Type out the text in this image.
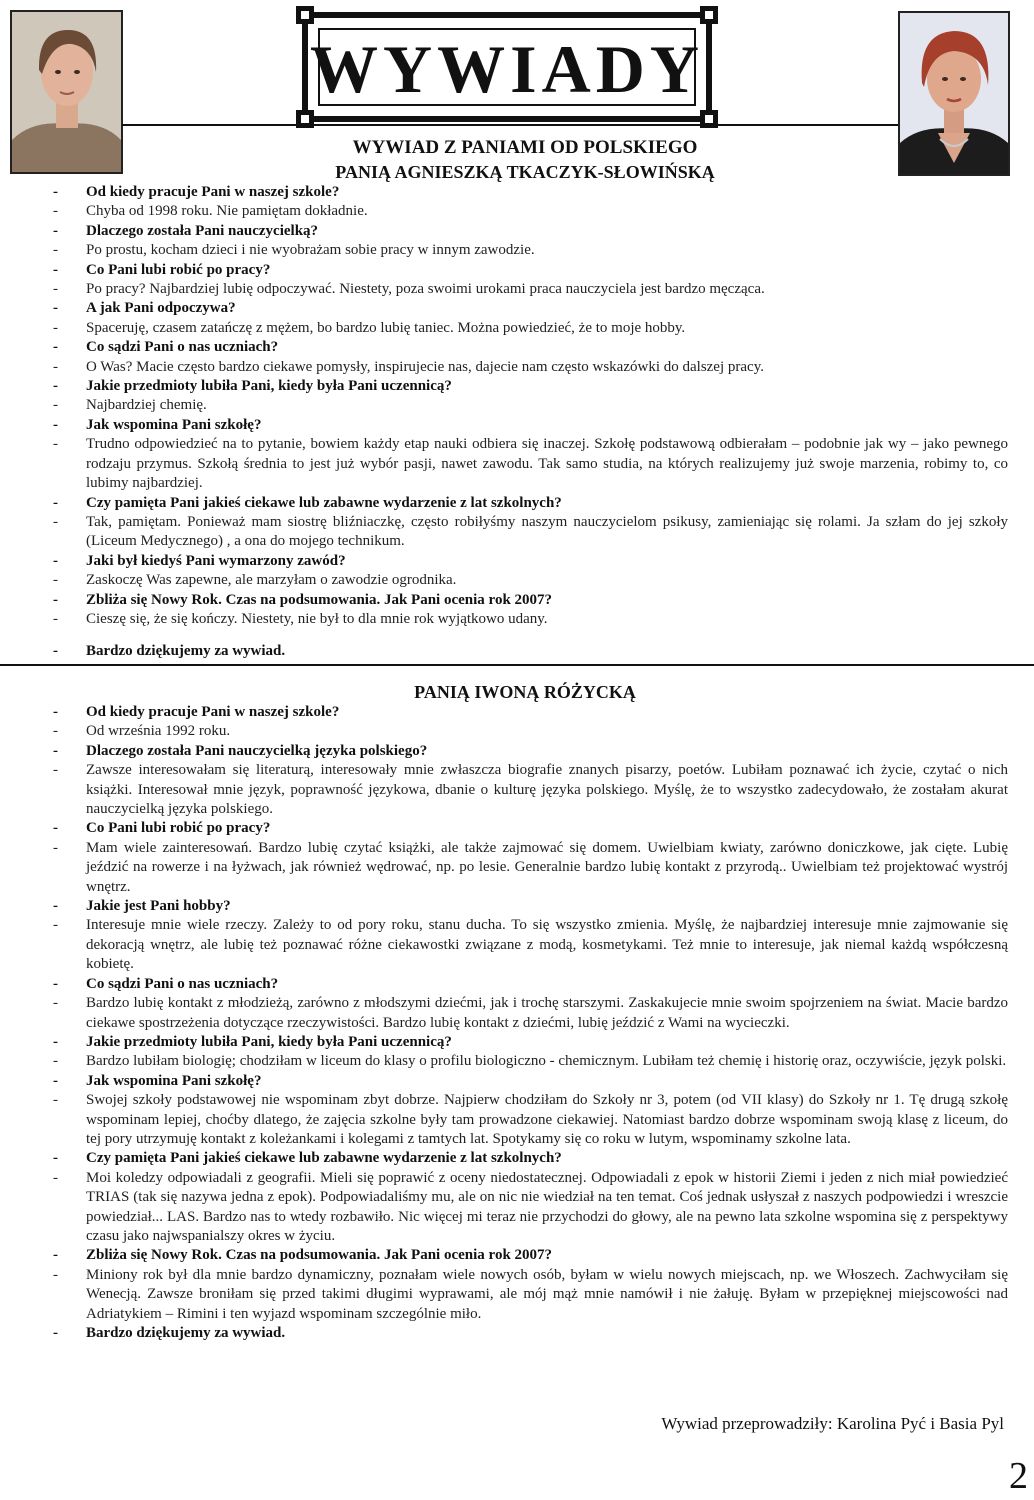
WYWIADY
WYWIAD Z PANIAMI OD POLSKIEGO
PANIĄ AGNIESZKĄ TKACZYK-SŁOWIŃSKĄ
- Od kiedy pracuje Pani w naszej szkole?
- Chyba od 1998 roku. Nie pamiętam dokładnie.
- Dlaczego została Pani nauczycielką?
- Po prostu, kocham dzieci i nie wyobrażam sobie pracy w innym zawodzie.
- Co Pani lubi robić po pracy?
- Po pracy? Najbardziej lubię odpoczywać. Niestety, poza swoimi urokami praca nauczyciela jest bardzo męcząca.
- A jak Pani odpoczywa?
- Spaceruję, czasem zatańczę z mężem, bo bardzo lubię taniec. Można powiedzieć, że to moje hobby.
- Co sądzi Pani o nas uczniach?
- O Was? Macie często bardzo ciekawe pomysły, inspirujecie nas, dajecie nam często wskazówki do dalszej pracy.
- Jakie przedmioty lubiła Pani, kiedy była Pani uczennicą?
- Najbardziej chemię.
- Jak wspomina Pani szkołę?
- Trudno odpowiedzieć na to pytanie, bowiem każdy etap nauki odbiera się inaczej. Szkołę podstawową odbierałam – podobnie jak wy – jako pewnego rodzaju przymus. Szkołą średnia to jest już wybór pasji, nawet zawodu. Tak samo studia, na których realizujemy już swoje marzenia, robimy to, co lubimy najbardziej.
- Czy pamięta Pani jakieś ciekawe lub zabawne wydarzenie z lat szkolnych?
- Tak, pamiętam. Ponieważ mam siostrę bliźniaczkę, często robiłyśmy naszym nauczycielom psikusy, zamieniając się rolami. Ja szłam do jej szkoły (Liceum Medycznego) , a ona do mojego technikum.
- Jaki był kiedyś Pani wymarzony zawód?
- Zaskoczę Was zapewne, ale marzyłam o zawodzie ogrodnika.
- Zbliża się Nowy Rok. Czas na podsumowania. Jak Pani ocenia rok 2007?
- Cieszę się, że się kończy. Niestety, nie był to dla mnie rok wyjątkowo udany.
- Bardzo dziękujemy za wywiad.
PANIĄ IWONĄ RÓŻYCKĄ
- Od kiedy pracuje Pani w naszej szkole?
- Od września 1992 roku.
- Dlaczego została Pani nauczycielką języka polskiego?
- Zawsze interesowałam się literaturą, interesowały mnie zwłaszcza biografie znanych pisarzy, poetów. Lubiłam poznawać ich życie, czytać o nich książki. Interesował mnie język, poprawność językowa, dbanie o kulturę języka polskiego. Myślę, że to wszystko zadecydowało, że zostałam akurat nauczycielką języka polskiego.
- Co Pani lubi robić po pracy?
- Mam wiele zainteresowań. Bardzo lubię czytać książki, ale także zajmować się domem. Uwielbiam kwiaty, zarówno doniczkowe, jak cięte. Lubię jeździć na rowerze i na łyżwach, jak również wędrować, np. po lesie. Generalnie bardzo lubię kontakt z przyrodą.. Uwielbiam też projektować wystrój wnętrz.
- Jakie jest Pani hobby?
- Interesuje mnie wiele rzeczy. Zależy to od pory roku, stanu ducha. To się wszystko zmienia. Myślę, że najbardziej interesuje mnie zajmowanie się dekoracją wnętrz, ale lubię też poznawać różne ciekawostki związane z modą, kosmetykami. Też mnie to interesuje, jak niemal każdą współczesną kobietę.
- Co sądzi Pani o nas uczniach?
- Bardzo lubię kontakt z młodzieżą, zarówno z młodszymi dziećmi, jak i trochę starszymi. Zaskakujecie mnie swoim spojrzeniem na świat. Macie bardzo ciekawe spostrzeżenia dotyczące rzeczywistości. Bardzo lubię kontakt z dziećmi, lubię jeździć z Wami na wycieczki.
- Jakie przedmioty lubiła Pani, kiedy była Pani uczennicą?
- Bardzo lubiłam biologię; chodziłam w liceum do klasy o profilu biologiczno - chemicznym. Lubiłam też chemię i historię oraz, oczywiście, język polski.
- Jak wspomina Pani szkołę?
- Swojej szkoły podstawowej nie wspominam zbyt dobrze. Najpierw chodziłam do Szkoły nr 3, potem (od VII klasy) do Szkoły nr 1. Tę drugą szkołę wspominam lepiej, choćby dlatego, że zajęcia szkolne były tam prowadzone ciekawiej. Natomiast bardzo dobrze wspominam swoją klasę z liceum, do tej pory utrzymuję kontakt z koleżankami i kolegami z tamtych lat. Spotykamy się co roku w lutym, wspominamy szkolne lata.
- Czy pamięta Pani jakieś ciekawe lub zabawne wydarzenie z lat szkolnych?
- Moi koledzy odpowiadali z geografii. Mieli się poprawić z oceny niedostatecznej. Odpowiadali z epok w historii Ziemi i jeden z nich miał powiedzieć TRIAS (tak się nazywa jedna z epok). Podpowiadaliśmy mu, ale on nic nie wiedział na ten temat. Coś jednak usłyszał z naszych podpowiedzi i wreszcie powiedział... LAS. Bardzo nas to wtedy rozbawiło. Nic więcej mi teraz nie przychodzi do głowy, ale na pewno lata szkolne wspomina się z perspektywy czasu jako najwspanialszy okres w życiu.
- Zbliża się Nowy Rok. Czas na podsumowania. Jak Pani ocenia rok 2007?
- Miniony rok był dla mnie bardzo dynamiczny, poznałam wiele nowych osób, byłam w wielu nowych miejscach, np. we Włoszech. Zachwyciłam się Wenecją. Zawsze broniłam się przed takimi długimi wyprawami, ale mój mąż mnie namówił i nie żałuję. Byłam w przepięknej miejscowości nad Adriatykiem – Rimini i ten wyjazd wspominam szczególnie miło.
- Bardzo dziękujemy za wywiad.
Wywiad przeprowadziły: Karolina Pyć i Basia Pyl
2
